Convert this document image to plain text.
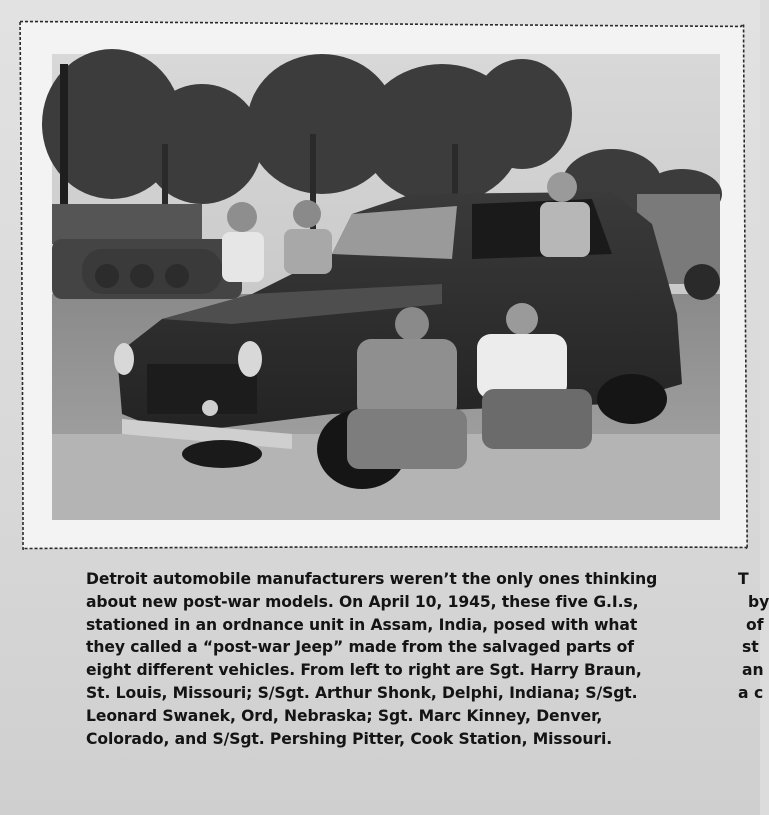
Detroit automobile manufacturers weren’t the only ones thinking
about new post-war models. On April 10, 1945, these five G.I.s,
stationed in an ordnance unit in Assam, India, posed with what
they called a “post-war Jeep” made from the salvaged parts of
eight different vehicles. From left to right are Sgt. Harry Braun,
St. Louis, Missouri; S/Sgt. Arthur Shonk, Delphi, Indiana; S/Sgt.
Leonard Swanek, Ord, Nebraska; Sgt. Marc Kinney, Denver,
Colorado, and S/Sgt. Pershing Pitter, Cook Station, Missouri.
T
by
of
st
an
a c
